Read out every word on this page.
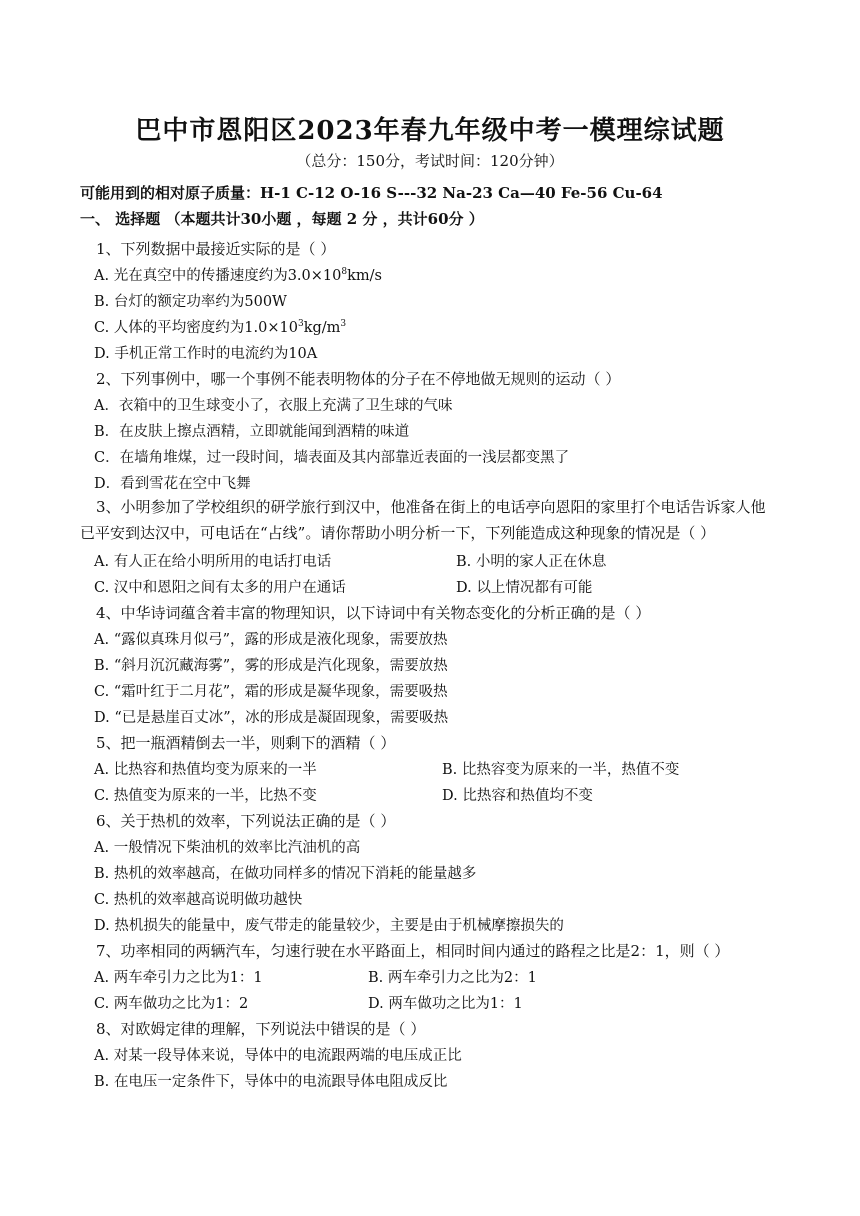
巴中市恩阳区2023年春九年级中考一模理综试题
（总分：150分，考试时间：120分钟）
可能用到的相对原子质量：H-1 C-12 O-16 S---32 Na-23 Ca—40 Fe-56 Cu-64
一、 选择题 （本题共计30小题 ，每题 2 分 ，共计60分 ）
1、下列数据中最接近实际的是（ ）
A. 光在真空中的传播速度约为$3.0\times 10^8km/s$
B. 台灯的额定功率约为500W
C. 人体的平均密度约为$1.0\times 10^3kg/m^3$
D. 手机正常工作时的电流约为10A
2、下列事例中，哪一个事例不能表明物体的分子在不停地做无规则的运动（ ）
A．衣箱中的卫生球变小了，衣服上充满了卫生球的气味
B．在皮肤上擦点酒精，立即就能闻到酒精的味道
C．在墙角堆煤，过一段时间，墙表面及其内部靠近表面的一浅层都变黑了
D．看到雪花在空中飞舞
3、小明参加了学校组织的研学旅行到汉中，他准备在街上的电话亭向恩阳的家里打个电话告诉家人他已平安到达汉中，可电话在“占线”。请你帮助小明分析一下，下列能造成这种现象的情况是（ ）
A. 有人正在给小明所用的电话打电话	B. 小明的家人正在休息
C. 汉中和恩阳之间有太多的用户在通话	D. 以上情况都有可能
4、中华诗词蕴含着丰富的物理知识，以下诗词中有关物态变化的分析正确的是（ ）
A. “露似真珠月似弓”，露的形成是液化现象，需要放热
B. “斜月沉沉藏海雾”，雾的形成是汽化现象，需要放热
C. “霜叶红于二月花”，霜的形成是凝华现象，需要吸热
D. “已是悬崖百丈冰”，冰的形成是凝固现象，需要吸热
5、把一瓶酒精倒去一半，则剩下的酒精（ ）
A. 比热容和热值均变为原来的一半	B. 比热容变为原来的一半，热值不变
C. 热值变为原来的一半，比热不变	D. 比热容和热值均不变
6、关于热机的效率，下列说法正确的是（ ）
A. 一般情况下柴油机的效率比汽油机的高
B. 热机的效率越高，在做功同样多的情况下消耗的能量越多
C. 热机的效率越高说明做功越快
D. 热机损失的能量中，废气带走的能量较少，主要是由于机械摩擦损失的
7、功率相同的两辆汽车，匀速行驶在水平路面上，相同时间内通过的路程之比是2：1，则（ ）
A. 两车牵引力之比为1：1	B. 两车牵引力之比为2：1
C. 两车做功之比为1：2	D. 两车做功之比为1：1
8、对欧姆定律的理解，下列说法中错误的是（ ）
A. 对某一段导体来说，导体中的电流跟两端的电压成正比
B. 在电压一定条件下，导体中的电流跟导体电阻成反比
